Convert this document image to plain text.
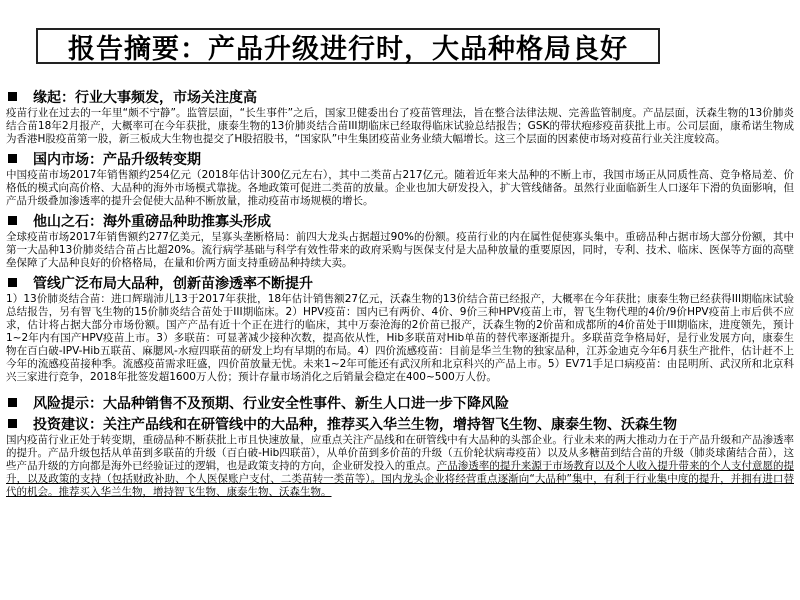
报告摘要：产品升级进行时，大品种格局良好
缘起：行业大事频发，市场关注度高

疫苗行业在过去的一年里“颇不宁静”。监管层面，“长生事件”之后，国家卫健委出台了疫苗管理法，旨在整合法律法规、完善监管制度。产品层面，沃森生物的13价肺炎结合苗18年2月报产，大概率可在今年获批，康泰生物的13价肺炎结合苗III期临床已经取得临床试验总结报告；GSK的带状疱疹疫苗获批上市。公司层面，康希诺生物成为香港H股疫苗第一股，新三板成大生物也提交了H股招股书，“国家队”中生集团疫苗业务业绩大幅增长。这三个层面的因素使市场对疫苗行业关注度较高。

国内市场：产品升级转变期

中国疫苗市场2017年销售额约254亿元（2018年估计300亿元左右），其中二类苗占217亿元。随着近年来大品种的不断上市，我国市场正从同质性高、竞争格局差、价格低的模式向高价格、大品种的海外市场模式靠拢。各地政策可促进二类苗的放量。企业也加大研发投入，扩大管线储备。虽然行业面临新生人口逐年下滑的负面影响，但产品升级叠加渗透率的提升会促使大品种不断放量，推动疫苗市场规模的增长。

他山之石：海外重磅品种助推寡头形成

全球疫苗市场2017年销售额约277亿美元，呈寡头垄断格局：前四大龙头占据超过90%的份额。疫苗行业的内在属性促使寡头集中。重磅品种占据市场大部分份额，其中第一大品种13价肺炎结合苗占比超20%。流行病学基础与科学有效性带来的政府采购与医保支付是大品种放量的重要原因，同时，专利、技术、临床、医保等方面的高壁垒保障了大品种良好的价格格局，在量和价两方面支持重磅品种持续大卖。

管线广泛布局大品种，创新苗渗透率不断提升

1）13价肺炎结合苗：进口辉瑞沛儿13于2017年获批，18年估计销售额27亿元，沃森生物的13价结合苗已经报产，大概率在今年获批；康泰生物已经获得III期临床试验总结报告，另有智飞生物的15价肺炎结合苗处于III期临床。2）HPV疫苗：国内已有两价、4价、9价三种HPV疫苗上市，智飞生物代理的4价/9价HPV疫苗上市后供不应求，估计将占据大部分市场份额。国产产品有近十个正在进行的临床，其中万泰沧海的2价苗已报产，沃森生物的2价苗和成都所的4价苗处于III期临床，进度领先，预计1~2年内有国产HPV疫苗上市。3）多联苗：可显著减少接种次数，提高依从性，Hib多联苗对Hib单苗的替代率逐渐提升。多联苗竞争格局好，是行业发展方向，康泰生物在百白破-IPV-Hib五联苗、麻腮风-水痘四联苗的研发上均有早期的布局。4）四价流感疫苗：目前是华兰生物的独家品种，江苏金迪克今年6月获生产批件，估计赶不上今年的流感疫苗接种季。流感疫苗需求旺盛，四价苗放量无忧。未来1~2年可能还有武汉所和北京科兴的产品上市。5）EV71手足口病疫苗：由昆明所、武汉所和北京科兴三家进行竞争，2018年批签发超1600万人份；预计存量市场消化之后销量会稳定在400~500万人份。

风险提示：大品种销售不及预期、行业安全性事件、新生人口进一步下降风险
投资建议：关注产品线和在研管线中的大品种，推荐买入华兰生物，增持智飞生物、康泰生物、沃森生物

国内疫苗行业正处于转变期，重磅品种不断获批上市且快速放量，应重点关注产品线和在研管线中有大品种的头部企业。行业未来的两大推动力在于产品升级和产品渗透率的提升。产品升级包括从单苗到多联苗的升级（百白破-Hib四联苗），从单价苗到多价苗的升级（五价轮状病毒疫苗）以及从多糖苗到结合苗的升级（肺炎球菌结合苗），这些产品升级的方向都是海外已经验证过的逻辑，也是政策支持的方向，企业研发投入的重点。产品渗透率的提升来源于市场教育以及个人收入提升带来的个人支付意愿的提升，以及政策的支持（包括财政补助、个人医保账户支付、二类苗转一类苗等）。国内龙头企业将经营重点逐渐向“大品种”集中，有利于行业集中度的提升，并拥有进口替代的机会。推荐买入华兰生物，增持智飞生物、康泰生物、沃森生物。
